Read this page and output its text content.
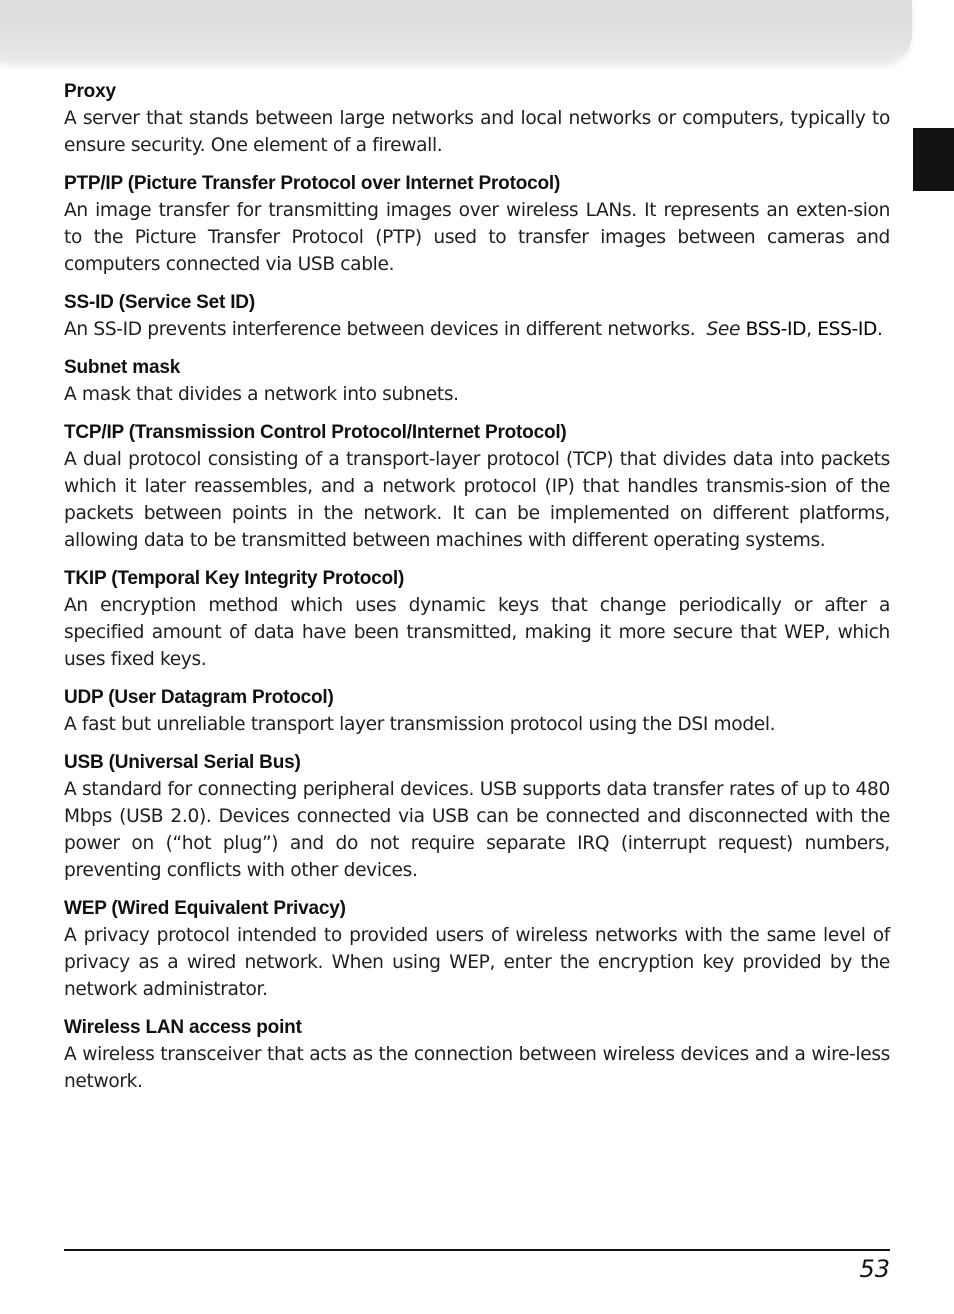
Proxy
A server that stands between large networks and local networks or computers, typically to ensure security. One element of a firewall.
PTP/IP (Picture Transfer Protocol over Internet Protocol)
An image transfer for transmitting images over wireless LANs. It represents an exten-sion to the Picture Transfer Protocol (PTP) used to transfer images between cameras and computers connected via USB cable.
SS-ID (Service Set ID)
An SS-ID prevents interference between devices in different networks. See BSS-ID, ESS-ID.
Subnet mask
A mask that divides a network into subnets.
TCP/IP (Transmission Control Protocol/Internet Protocol)
A dual protocol consisting of a transport-layer protocol (TCP) that divides data into packets which it later reassembles, and a network protocol (IP) that handles transmis-sion of the packets between points in the network. It can be implemented on different platforms, allowing data to be transmitted between machines with different operating systems.
TKIP (Temporal Key Integrity Protocol)
An encryption method which uses dynamic keys that change periodically or after a specified amount of data have been transmitted, making it more secure that WEP, which uses fixed keys.
UDP (User Datagram Protocol)
A fast but unreliable transport layer transmission protocol using the DSI model.
USB (Universal Serial Bus)
A standard for connecting peripheral devices. USB supports data transfer rates of up to 480 Mbps (USB 2.0). Devices connected via USB can be connected and disconnected with the power on (“hot plug”) and do not require separate IRQ (interrupt request) numbers, preventing conflicts with other devices.
WEP (Wired Equivalent Privacy)
A privacy protocol intended to provided users of wireless networks with the same level of privacy as a wired network. When using WEP, enter the encryption key provided by the network administrator.
Wireless LAN access point
A wireless transceiver that acts as the connection between wireless devices and a wire-less network.
53
